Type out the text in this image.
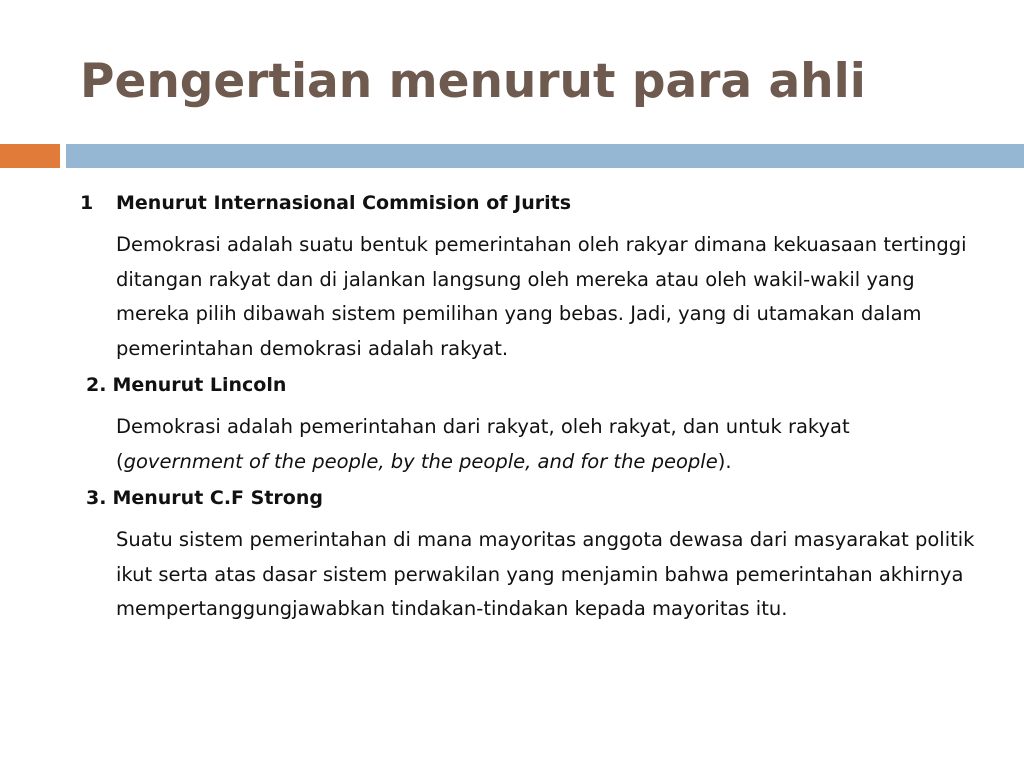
Pengertian menurut para ahli
1 Menurut Internasional Commision of Jurits

Demokrasi adalah suatu bentuk pemerintahan oleh rakyar dimana kekuasaan tertinggi ditangan rakyat dan di jalankan langsung oleh mereka atau oleh wakil-wakil yang mereka pilih dibawah sistem pemilihan yang bebas. Jadi, yang di utamakan dalam pemerintahan demokrasi adalah rakyat.

2. Menurut Lincoln

Demokrasi adalah pemerintahan dari rakyat, oleh rakyat, dan untuk rakyat (government of the people, by the people, and for the people).

3. Menurut C.F Strong

Suatu sistem pemerintahan di mana mayoritas anggota dewasa dari masyarakat politik ikut serta atas dasar sistem perwakilan yang menjamin bahwa pemerintahan akhirnya mempertanggungjawabkan tindakan-tindakan kepada mayoritas itu.
